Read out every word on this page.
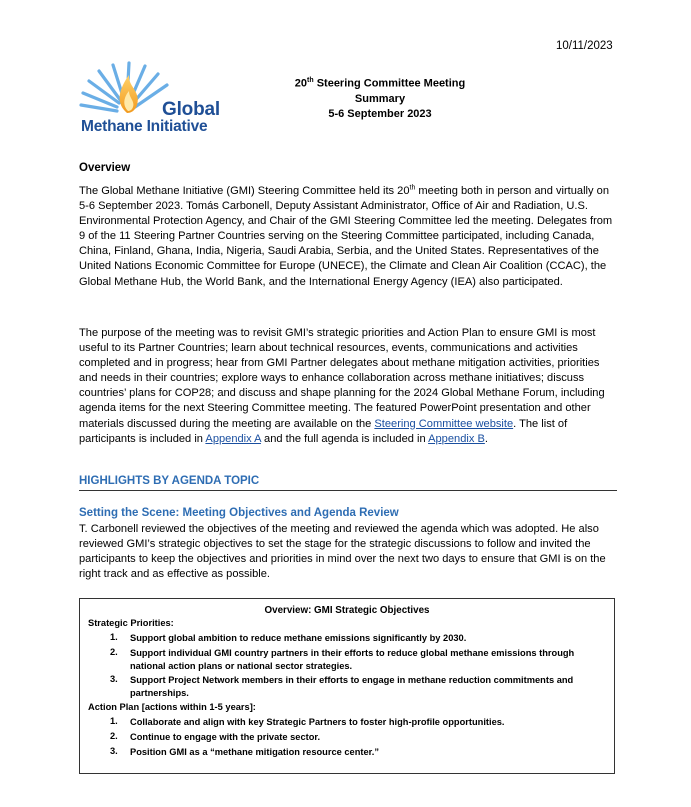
10/11/2023
Global
Methane Initiative
20th Steering Committee Meeting
Summary
5-6 September 2023
Overview
The Global Methane Initiative (GMI) Steering Committee held its 20th meeting both in person and virtually on 5-6 September 2023. Tomás Carbonell, Deputy Assistant Administrator, Office of Air and Radiation, U.S. Environmental Protection Agency, and Chair of the GMI Steering Committee led the meeting. Delegates from 9 of the 11 Steering Partner Countries serving on the Steering Committee participated, including Canada, China, Finland, Ghana, India, Nigeria, Saudi Arabia, Serbia, and the United States. Representatives of the United Nations Economic Committee for Europe (UNECE), the Climate and Clean Air Coalition (CCAC), the Global Methane Hub, the World Bank, and the International Energy Agency (IEA) also participated.
The purpose of the meeting was to revisit GMI’s strategic priorities and Action Plan to ensure GMI is most useful to its Partner Countries; learn about technical resources, events, communications and activities completed and in progress; hear from GMI Partner delegates about methane mitigation activities, priorities and needs in their countries; explore ways to enhance collaboration across methane initiatives; discuss countries’ plans for COP28; and discuss and shape planning for the 2024 Global Methane Forum, including agenda items for the next Steering Committee meeting. The featured PowerPoint presentation and other materials discussed during the meeting are available on the Steering Committee website. The list of participants is included in Appendix A and the full agenda is included in Appendix B.
HIGHLIGHTS BY AGENDA TOPIC
Setting the Scene: Meeting Objectives and Agenda Review
T. Carbonell reviewed the objectives of the meeting and reviewed the agenda which was adopted. He also reviewed GMI’s strategic objectives to set the stage for the strategic discussions to follow and invited the participants to keep the objectives and priorities in mind over the next two days to ensure that GMI is on the right track and as effective as possible.
Overview: GMI Strategic Objectives
Strategic Priorities:
1. Support global ambition to reduce methane emissions significantly by 2030.
2. Support individual GMI country partners in their efforts to reduce global methane emissions through national action plans or national sector strategies.
3. Support Project Network members in their efforts to engage in methane reduction commitments and partnerships.
Action Plan [actions within 1-5 years]:
1. Collaborate and align with key Strategic Partners to foster high-profile opportunities.
2. Continue to engage with the private sector.
3. Position GMI as a “methane mitigation resource center.”
